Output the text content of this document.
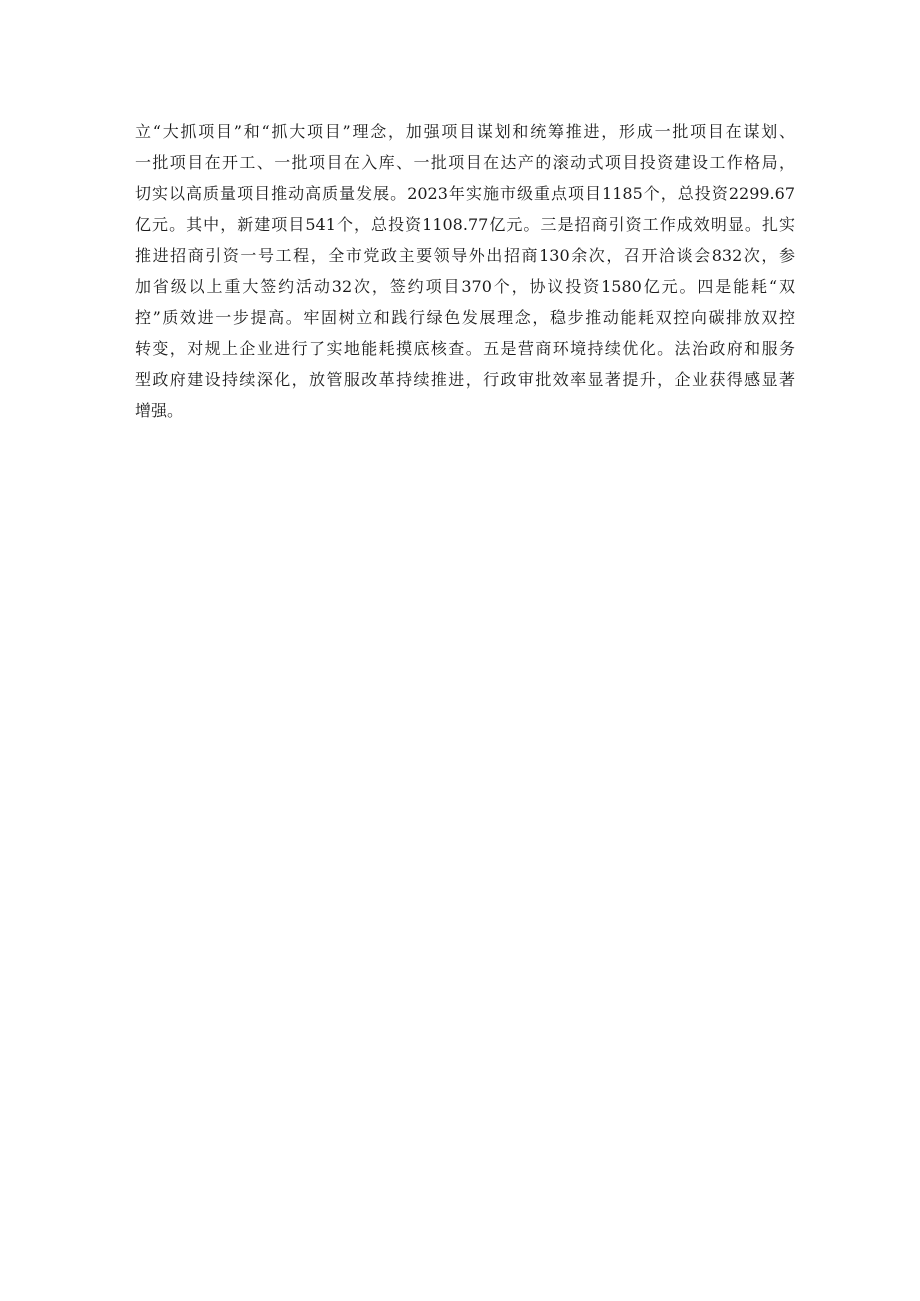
立“大抓项目”和“抓大项目”理念，加强项目谋划和统筹推进，形成一批项目在谋划、
一批项目在开工、一批项目在入库、一批项目在达产的滚动式项目投资建设工作格局，
切实以高质量项目推动高质量发展。2023年实施市级重点项目1185个，总投资2299.67
亿元。其中，新建项目541个，总投资1108.77亿元。三是招商引资工作成效明显。扎实
推进招商引资一号工程，全市党政主要领导外出招商130余次，召开洽谈会832次，参
加省级以上重大签约活动32次，签约项目370个，协议投资1580亿元。四是能耗“双
控”质效进一步提高。牢固树立和践行绿色发展理念，稳步推动能耗双控向碳排放双控
转变，对规上企业进行了实地能耗摸底核查。五是营商环境持续优化。法治政府和服务
型政府建设持续深化，放管服改革持续推进，行政审批效率显著提升，企业获得感显著
增强。
